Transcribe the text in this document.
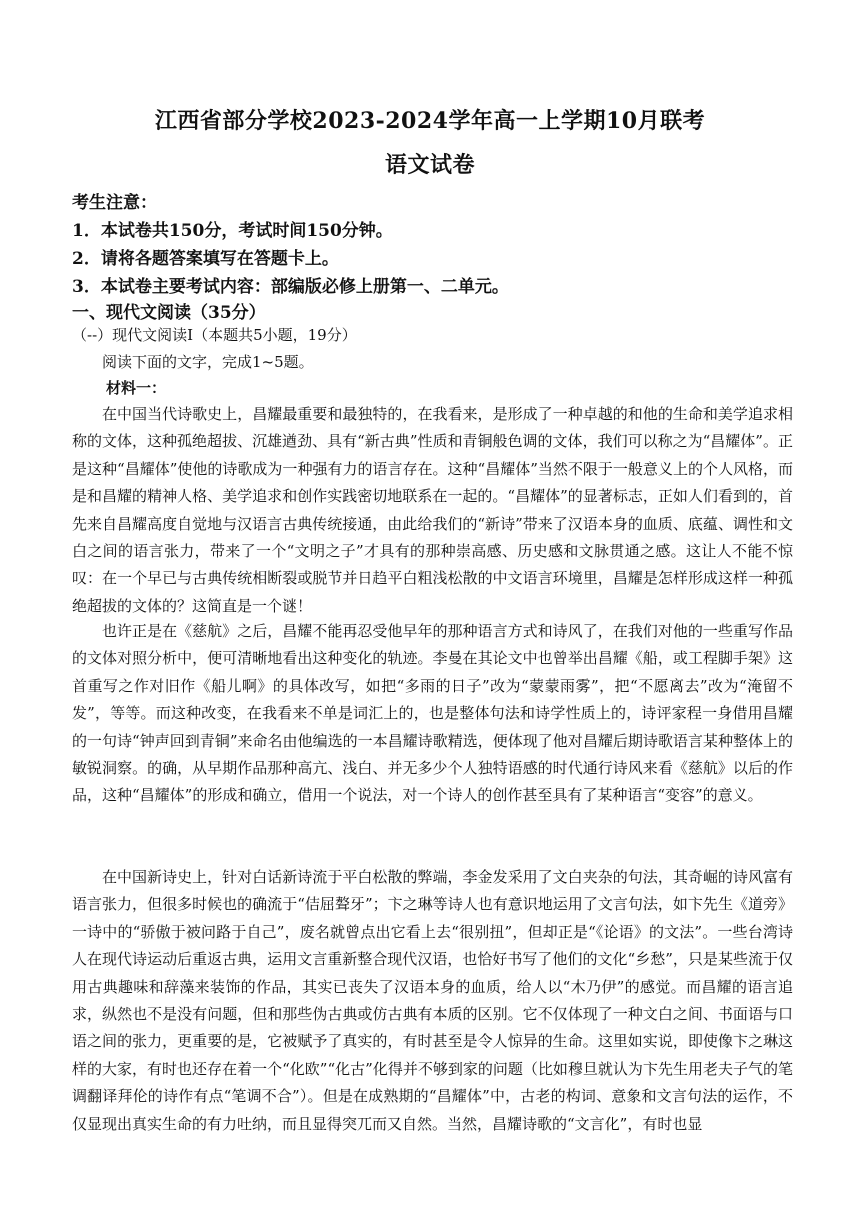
江西省部分学校2023-2024学年高一上学期10月联考
语文试卷
考生注意：
1．本试卷共150分，考试时间150分钟。
2．请将各题答案填写在答题卡上。
3．本试卷主要考试内容：部编版必修上册第一、二单元。
一、现代文阅读（35分）
（--）现代文阅读Ⅰ（本题共5小题，19分）
阅读下面的文字，完成1~5题。
材料一：

在中国当代诗歌史上，昌耀最重要和最独特的，在我看来，是形成了一种卓越的和他的生命和美学追求相称的文体，这种孤绝超拔、沉雄遒劲、具有“新古典”性质和青铜般色调的文体，我们可以称之为“昌耀体”。正是这种“昌耀体”使他的诗歌成为一种强有力的语言存在。这种“昌耀体”当然不限于一般意义上的个人风格，而是和昌耀的精神人格、美学追求和创作实践密切地联系在一起的。“昌耀体”的显著标志，正如人们看到的，首先来自昌耀高度自觉地与汉语言古典传统接通，由此给我们的“新诗”带来了汉语本身的血质、底蕴、调性和文白之间的语言张力，带来了一个“文明之子”才具有的那种崇高感、历史感和文脉贯通之感。这让人不能不惊叹：在一个早已与古典传统相断裂或脱节并日趋平白粗浅松散的中文语言环境里，昌耀是怎样形成这样一种孤绝超拔的文体的？这简直是一个谜！

也许正是在《慈航》之后，昌耀不能再忍受他早年的那种语言方式和诗风了，在我们对他的一些重写作品的文体对照分析中，便可清晰地看出这种变化的轨迹。李曼在其论文中也曾举出昌耀《船，或工程脚手架》这首重写之作对旧作《船儿啊》的具体改写，如把“多雨的日子”改为“蒙蒙雨雾”，把“不愿离去”改为“淹留不发”，等等。而这种改变，在我看来不单是词汇上的，也是整体句法和诗学性质上的，诗评家程一身借用昌耀的一句诗“钟声回到青铜”来命名由他编选的一本昌耀诗歌精选，便体现了他对昌耀后期诗歌语言某种整体上的敏锐洞察。的确，从早期作品那种高亢、浅白、并无多少个人独特语感的时代通行诗风来看《慈航》以后的作品，这种“昌耀体”的形成和确立，借用一个说法，对一个诗人的创作甚至具有了某种语言“变容”的意义。

在中国新诗史上，针对白话新诗流于平白松散的弊端，李金发采用了文白夹杂的句法，其奇崛的诗风富有语言张力，但很多时候也的确流于“佶屈聱牙”；卞之琳等诗人也有意识地运用了文言句法，如卞先生《道旁》一诗中的“骄傲于被问路于自己”，废名就曾点出它看上去“很别扭”，但却正是“《论语》的文法”。一些台湾诗人在现代诗运动后重返古典，运用文言重新整合现代汉语，也恰好书写了他们的文化“乡愁”，只是某些流于仅用古典趣味和辞藻来装饰的作品，其实已丧失了汉语本身的血质，给人以“木乃伊”的感觉。而昌耀的语言追求，纵然也不是没有问题，但和那些伪古典或仿古典有本质的区别。它不仅体现了一种文白之间、书面语与口语之间的张力，更重要的是，它被赋予了真实的，有时甚至是令人惊异的生命。这里如实说，即使像卞之琳这样的大家，有时也还存在着一个“化欧”“化古”化得并不够到家的问题（比如穆旦就认为卞先生用老夫子气的笔调翻译拜伦的诗作有点“笔调不合”）。但是在成熟期的“昌耀体”中，古老的构词、意象和文言句法的运作，不仅显现出真实生命的有力吐纳，而且显得突兀而又自然。当然，昌耀诗歌的“文言化”，有时也显
